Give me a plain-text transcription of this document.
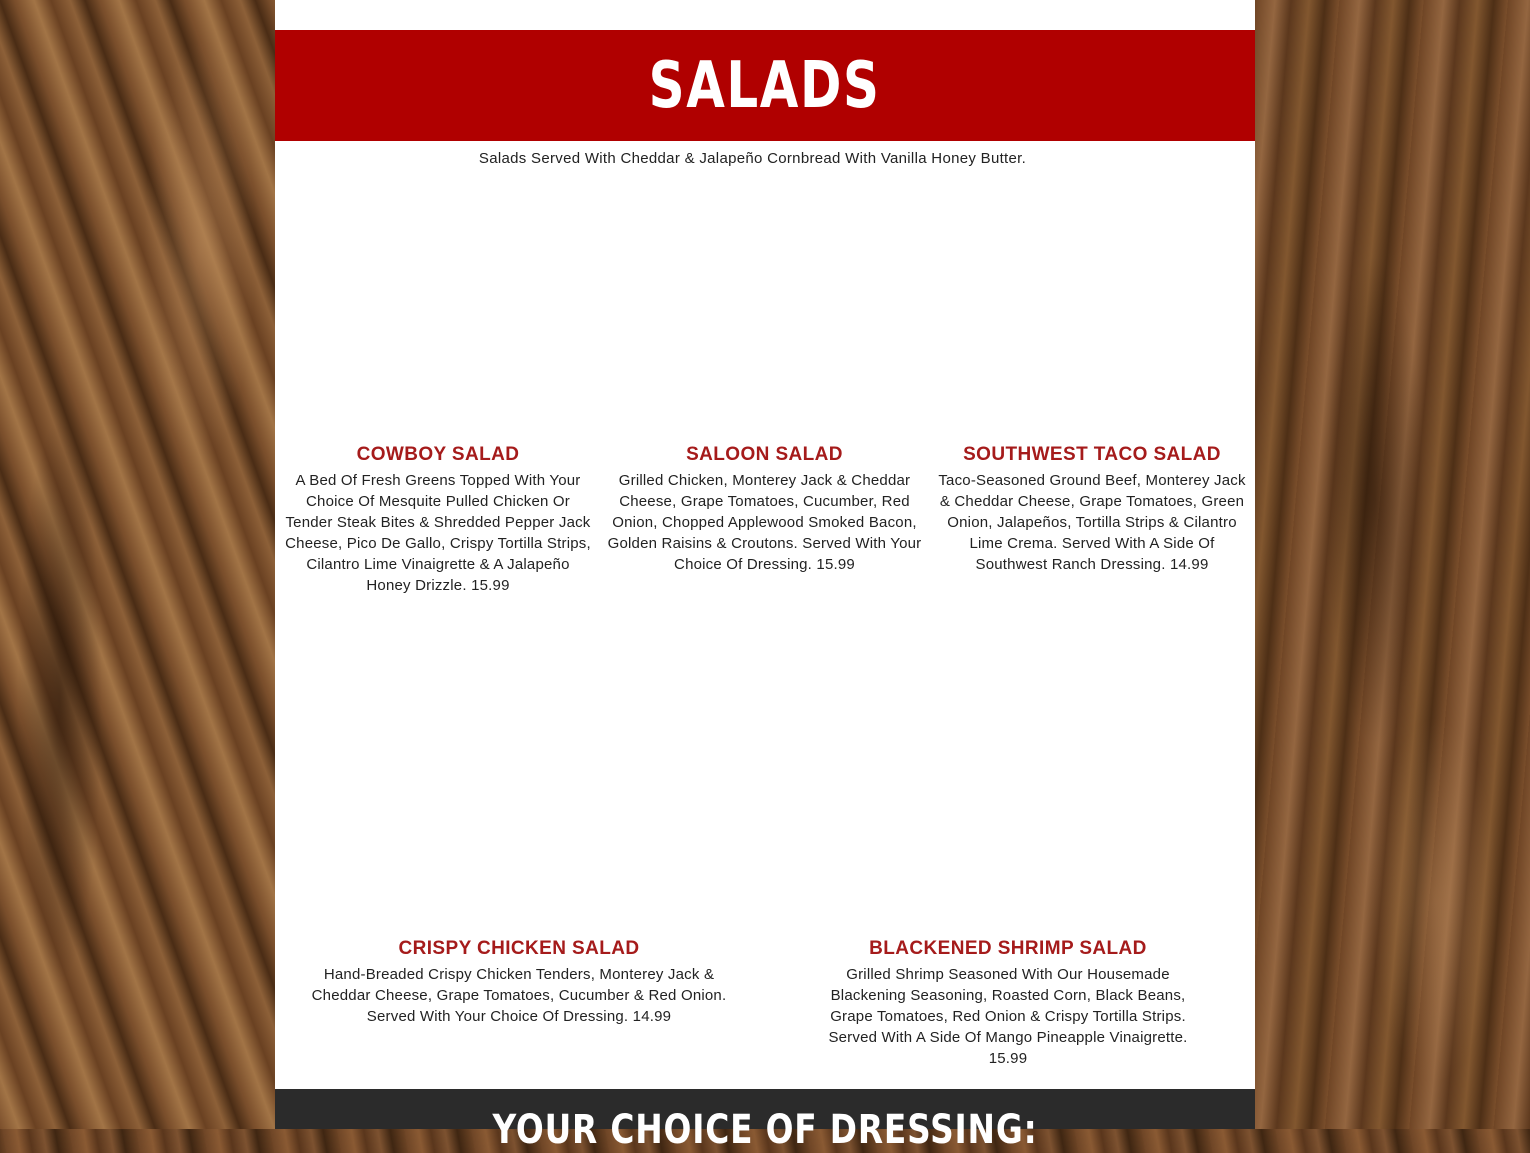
SALADS
Salads Served With Cheddar & Jalapeño Cornbread With Vanilla Honey Butter.
COWBOY SALAD

A Bed Of Fresh Greens Topped With Your Choice Of Mesquite Pulled Chicken Or Tender Steak Bites & Shredded Pepper Jack Cheese, Pico De Gallo, Crispy Tortilla Strips, Cilantro Lime Vinaigrette & A Jalapeño Honey Drizzle. 15.99

SALOON SALAD

Grilled Chicken, Monterey Jack & Cheddar Cheese, Grape Tomatoes, Cucumber, Red Onion, Chopped Applewood Smoked Bacon, Golden Raisins & Croutons. Served With Your Choice Of Dressing. 15.99

SOUTHWEST TACO SALAD

Taco-Seasoned Ground Beef, Monterey Jack & Cheddar Cheese, Grape Tomatoes, Green Onion, Jalapeños, Tortilla Strips & Cilantro Lime Crema. Served With A Side Of Southwest Ranch Dressing. 14.99

CRISPY CHICKEN SALAD

Hand-Breaded Crispy Chicken Tenders, Monterey Jack & Cheddar Cheese, Grape Tomatoes, Cucumber & Red Onion. Served With Your Choice Of Dressing. 14.99

BLACKENED SHRIMP SALAD

Grilled Shrimp Seasoned With Our Housemade Blackening Seasoning, Roasted Corn, Black Beans, Grape Tomatoes, Red Onion & Crispy Tortilla Strips. Served With A Side Of Mango Pineapple Vinaigrette. 15.99

YOUR CHOICE OF DRESSING:
